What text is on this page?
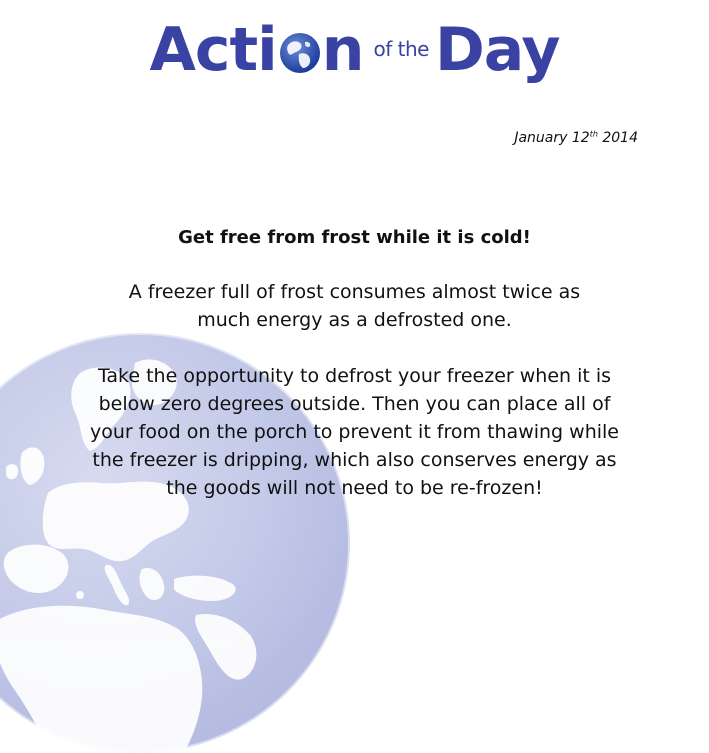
Acti n of the Day
January 12th 2014

Get free from frost while it is cold!

A freezer full of frost consumes almost twice as much energy as a defrosted one.

Take the opportunity to defrost your freezer when it is below zero degrees outside. Then you can place all of your food on the porch to prevent it from thawing while the freezer is dripping, which also conserves energy as the goods will not need to be re-frozen!
